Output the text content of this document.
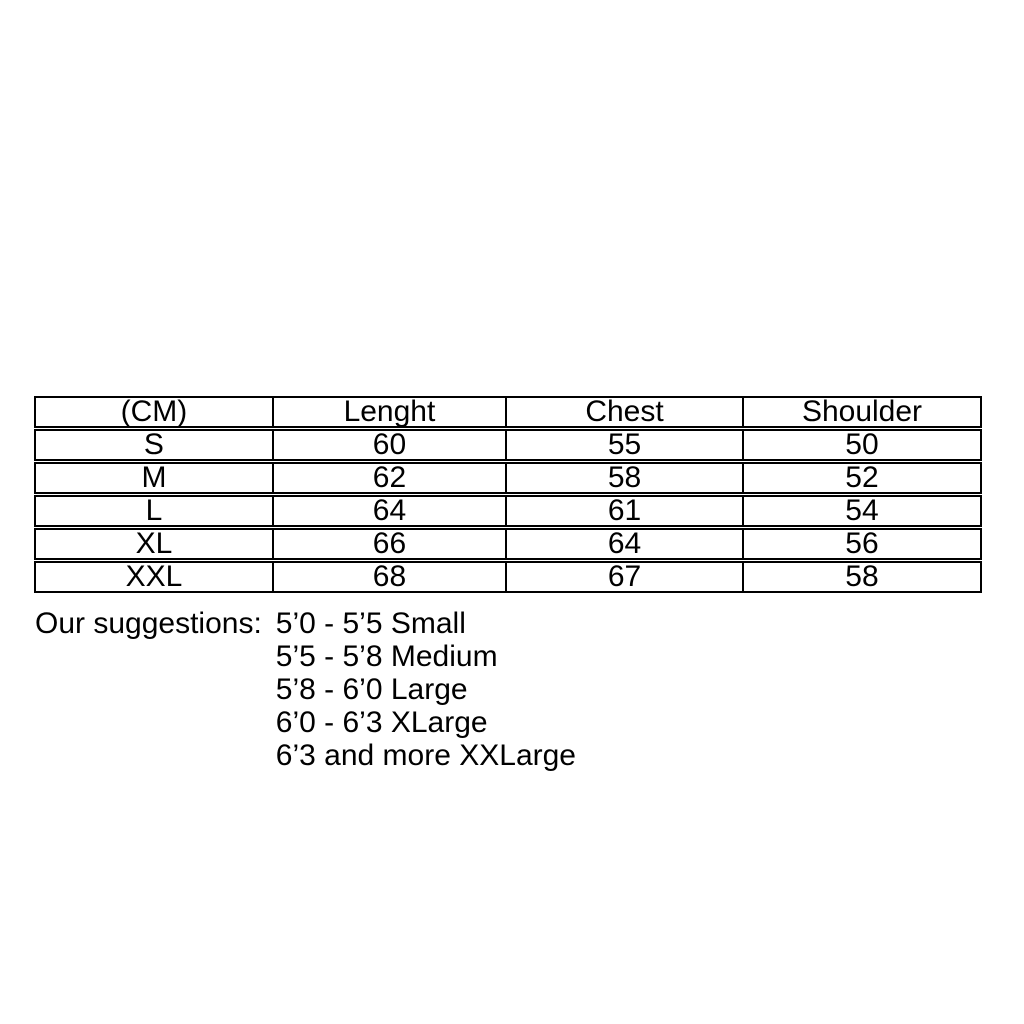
(CM)	Lenght	Chest	Shoulder
S	60	55	50
M	62	58	52
L	64	61	54
XL	66	64	56
XXL	68	67	58
Our suggestions: 5’0 - 5’5 Small
5’5 - 5’8 Medium
5’8 - 6’0 Large
6’0 - 6’3 XLarge
6’3 and more XXLarge
